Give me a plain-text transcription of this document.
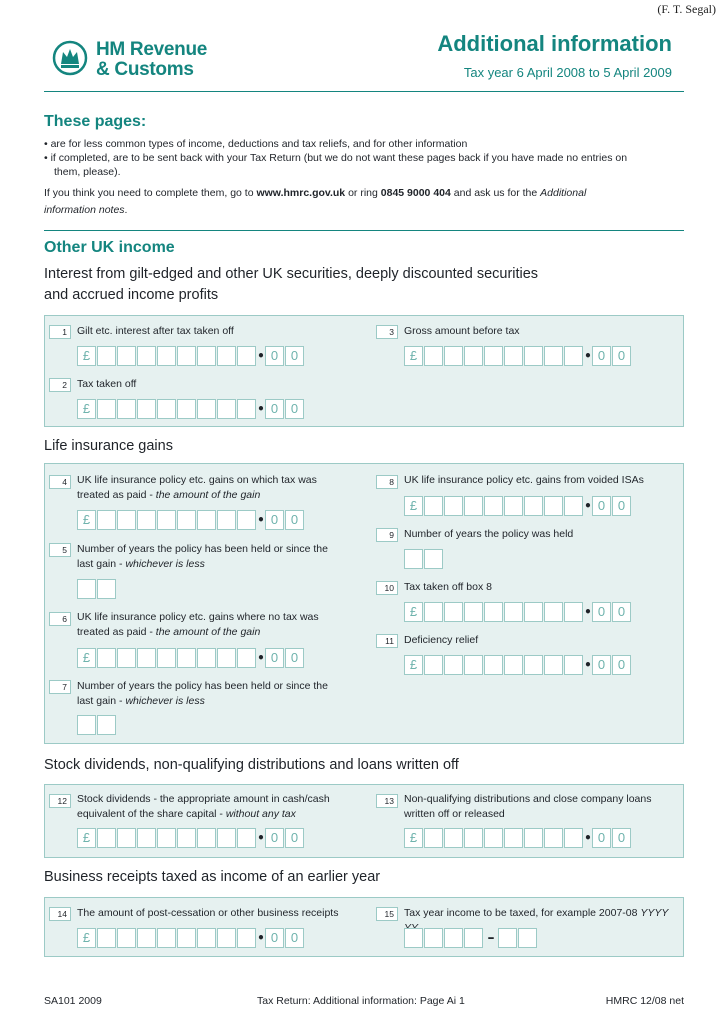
(F. T. Segal)
HM Revenue
& Customs
Additional information
Tax year 6 April 2008 to 5 April 2009
These pages:
• are for less common types of income, deductions and tax reliefs, and for other information
• if completed, are to be sent back with your Tax Return (but we do not want these pages back if you have made no entries on
them, please).
If you think you need to complete them, go to www.hmrc.gov.uk or ring 0845 9000 404 and ask us for the Additional
information notes.
Other UK income
Interest from gilt-edged and other UK securities, deeply discounted securities
and accrued income profits
1 Gilt etc. interest after tax taken off
£	• 0 0
2 Tax taken off
£	• 0 0
3 Gross amount before tax
£	• 0 0
Life insurance gains
4 UK life insurance policy etc. gains on which tax was
treated as paid - the amount of the gain
£	• 0 0
5 Number of years the policy has been held or since the
last gain - whichever is less
6 UK life insurance policy etc. gains where no tax was
treated as paid - the amount of the gain
£	• 0 0
7 Number of years the policy has been held or since the
last gain - whichever is less
8 UK life insurance policy etc. gains from voided ISAs
£	• 0 0
9 Number of years the policy was held
10 Tax taken off box 8
£	• 0 0
11 Deficiency relief
£	• 0 0
Stock dividends, non-qualifying distributions and loans written off
12 Stock dividends - the appropriate amount in cash/cash
equivalent of the share capital - without any tax
£	• 0 0
13 Non-qualifying distributions and close company loans
written off or released
£	• 0 0
Business receipts taxed as income of an earlier year
14 The amount of post-cessation or other business receipts
£	• 0 0
15 Tax year income to be taxed, for example 2007-08 YYYY
–
SA101 2009	Tax Return: Additional information: Page Ai 1	HMRC 12/08 net
